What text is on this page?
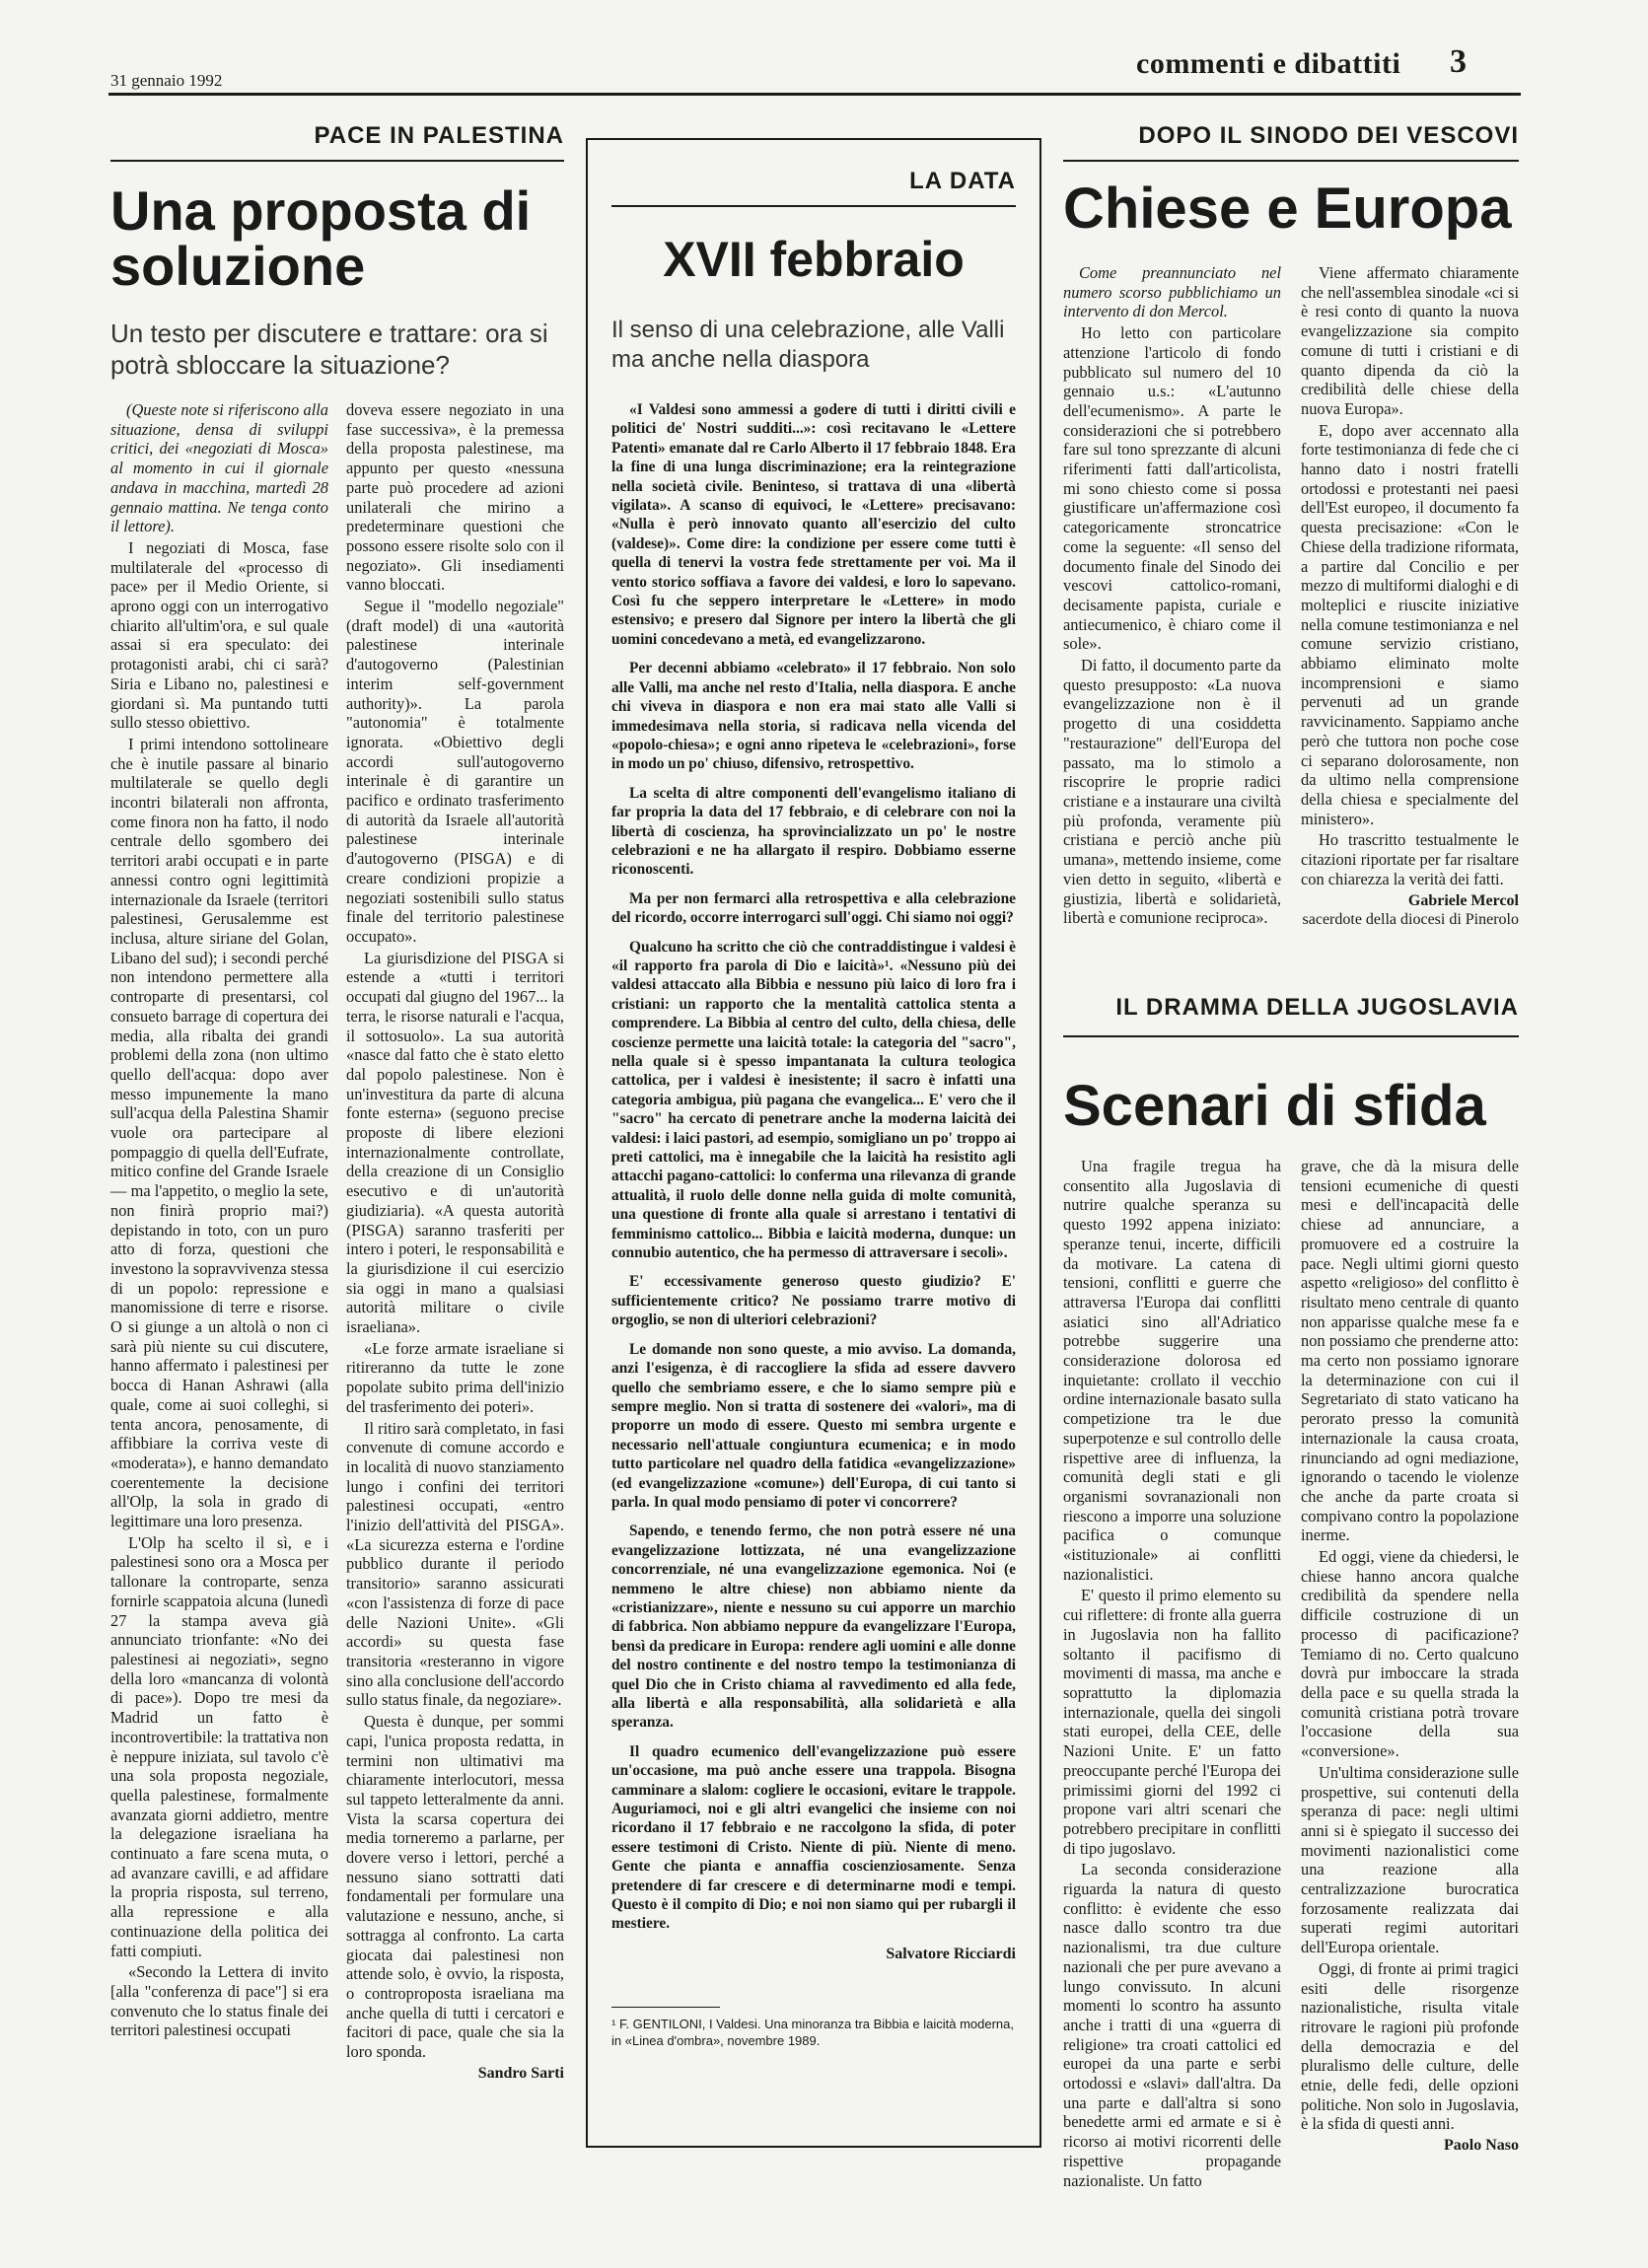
31 gennaio 1992
commenti e dibattiti 3
PACE IN PALESTINA
Una proposta di soluzione
Un testo per discutere e trattare: ora si potrà sbloccare la situazione?

(Queste note si riferiscono alla situazione, densa di sviluppi critici, dei «negoziati di Mosca» al momento in cui il giornale andava in macchina, martedì 28 gennaio mattina. Ne tenga conto il lettore).

I negoziati di Mosca, fase multilaterale del «processo di pace» per il Medio Oriente, si aprono oggi con un interrogativo chiarito all'ultim'ora, e sul quale assai si era speculato: dei protagonisti arabi, chi ci sarà? Siria e Libano no, palestinesi e giordani sì. Ma puntando tutti sullo stesso obiettivo.

I primi intendono sottolineare che è inutile passare al binario multilaterale se quello degli incontri bilaterali non affronta, come finora non ha fatto, il nodo centrale dello sgombero dei territori arabi occupati e in parte annessi contro ogni legittimità internazionale da Israele (territori palestinesi, Gerusalemme est inclusa, alture siriane del Golan, Libano del sud); i secondi perché non intendono permettere alla controparte di presentarsi, col consueto barrage di copertura dei media, alla ribalta dei grandi problemi della zona (non ultimo quello dell'acqua: dopo aver messo impunemente la mano sull'acqua della Palestina Shamir vuole ora partecipare al pompaggio di quella dell'Eufrate, mitico confine del Grande Israele — ma l'appetito, o meglio la sete, non finirà proprio mai?) depistando in toto, con un puro atto di forza, questioni che investono la sopravvivenza stessa di un popolo: repressione e manomissione di terre e risorse. O si giunge a un altolà o non ci sarà più niente su cui discutere, hanno affermato i palestinesi per bocca di Hanan Ashrawi (alla quale, come ai suoi colleghi, si tenta ancora, penosamente, di affibbiare la corriva veste di «moderata»), e hanno demandato coerentemente la decisione all'Olp, la sola in grado di legittimare una loro presenza.

L'Olp ha scelto il sì, e i palestinesi sono ora a Mosca per tallonare la controparte, senza fornirle scappatoia alcuna (lunedì 27 la stampa aveva già annunciato trionfante: «No dei palestinesi ai negoziati», segno della loro «mancanza di volontà di pace»). Dopo tre mesi da Madrid un fatto è incontrovertibile: la trattativa non è neppure iniziata, sul tavolo c'è una sola proposta negoziale, quella palestinese, formalmente avanzata giorni addietro, mentre la delegazione israeliana ha continuato a fare scena muta, o ad avanzare cavilli, e ad affidare la propria risposta, sul terreno, alla repressione e alla continuazione della politica dei fatti compiuti.

«Secondo la Lettera di invito [alla "conferenza di pace"] si era convenuto che lo status finale dei territori palestinesi occupati

doveva essere negoziato in una fase successiva», è la premessa della proposta palestinese, ma appunto per questo «nessuna parte può procedere ad azioni unilaterali che mirino a predeterminare questioni che possono essere risolte solo con il negoziato». Gli insediamenti vanno bloccati.

Segue il "modello negoziale" (draft model) di una «autorità palestinese interinale d'autogoverno (Palestinian interim self-government authority)». La parola "autonomia" è totalmente ignorata. «Obiettivo degli accordi sull'autogoverno interinale è di garantire un pacifico e ordinato trasferimento di autorità da Israele all'autorità palestinese interinale d'autogoverno (PISGA) e di creare condizioni propizie a negoziati sostenibili sullo status finale del territorio palestinese occupato».

La giurisdizione del PISGA si estende a «tutti i territori occupati dal giugno del 1967... la terra, le risorse naturali e l'acqua, il sottosuolo». La sua autorità «nasce dal fatto che è stato eletto dal popolo palestinese. Non è un'investitura da parte di alcuna fonte esterna» (seguono precise proposte di libere elezioni internazionalmente controllate, della creazione di un Consiglio esecutivo e di un'autorità giudiziaria). «A questa autorità (PISGA) saranno trasferiti per intero i poteri, le responsabilità e la giurisdizione il cui esercizio sia oggi in mano a qualsiasi autorità militare o civile israeliana».

«Le forze armate israeliane si ritireranno da tutte le zone popolate subito prima dell'inizio del trasferimento dei poteri».

Il ritiro sarà completato, in fasi convenute di comune accordo e in località di nuovo stanziamento lungo i confini dei territori palestinesi occupati, «entro l'inizio dell'attività del PISGA». «La sicurezza esterna e l'ordine pubblico durante il periodo transitorio» saranno assicurati «con l'assistenza di forze di pace delle Nazioni Unite». «Gli accordi» su questa fase transitoria «resteranno in vigore sino alla conclusione dell'accordo sullo status finale, da negoziare».

Questa è dunque, per sommi capi, l'unica proposta redatta, in termini non ultimativi ma chiaramente interlocutori, messa sul tappeto letteralmente da anni. Vista la scarsa copertura dei media torneremo a parlarne, per dovere verso i lettori, perché a nessuno siano sottratti dati fondamentali per formulare una valutazione e nessuno, anche, si sottragga al confronto. La carta giocata dai palestinesi non attende solo, è ovvio, la risposta, o controproposta israeliana ma anche quella di tutti i cercatori e facitori di pace, quale che sia la loro sponda.

Sandro Sarti
LA DATA
XVII febbraio
Il senso di una celebrazione, alle Valli ma anche nella diaspora

«I Valdesi sono ammessi a godere di tutti i diritti civili e politici de' Nostri sudditi...»: così recitavano le «Lettere Patenti» emanate dal re Carlo Alberto il 17 febbraio 1848. Era la fine di una lunga discriminazione; era la reintegrazione nella società civile. Beninteso, si trattava di una «libertà vigilata». A scanso di equivoci, le «Lettere» precisavano: «Nulla è però innovato quanto all'esercizio del culto (valdese)». Come dire: la condizione per essere come tutti è quella di tenervi la vostra fede strettamente per voi. Ma il vento storico soffiava a favore dei valdesi, e loro lo sapevano. Così fu che seppero interpretare le «Lettere» in modo estensivo; e presero dal Signore per intero la libertà che gli uomini concedevano a metà, ed evangelizzarono.

Per decenni abbiamo «celebrato» il 17 febbraio. Non solo alle Valli, ma anche nel resto d'Italia, nella diaspora. E anche chi viveva in diaspora e non era mai stato alle Valli si immedesimava nella storia, si radicava nella vicenda del «popolo-chiesa»; e ogni anno ripeteva le «celebrazioni», forse in modo un po' chiuso, difensivo, retrospettivo.

La scelta di altre componenti dell'evangelismo italiano di far propria la data del 17 febbraio, e di celebrare con noi la libertà di coscienza, ha sprovincializzato un po' le nostre celebrazioni e ne ha allargato il respiro. Dobbiamo esserne riconoscenti.

Ma per non fermarci alla retrospettiva e alla celebrazione del ricordo, occorre interrogarci sull'oggi. Chi siamo noi oggi?

Qualcuno ha scritto che ciò che contraddistingue i valdesi è «il rapporto fra parola di Dio e laicità»¹. «Nessuno più dei valdesi attaccato alla Bibbia e nessuno più laico di loro fra i cristiani: un rapporto che la mentalità cattolica stenta a comprendere. La Bibbia al centro del culto, della chiesa, delle coscienze permette una laicità totale: la categoria del "sacro", nella quale si è spesso impantanata la cultura teologica cattolica, per i valdesi è inesistente; il sacro è infatti una categoria ambigua, più pagana che evangelica... E' vero che il "sacro" ha cercato di penetrare anche la moderna laicità dei valdesi: i laici pastori, ad esempio, somigliano un po' troppo ai preti cattolici, ma è innegabile che la laicità ha resistito agli attacchi pagano-cattolici: lo conferma una rilevanza di grande attualità, il ruolo delle donne nella guida di molte comunità, una questione di fronte alla quale si arrestano i tentativi di femminismo cattolico... Bibbia e laicità moderna, dunque: un connubio autentico, che ha permesso di attraversare i secoli».

E' eccessivamente generoso questo giudizio? E' sufficientemente critico? Ne possiamo trarre motivo di orgoglio, se non di ulteriori celebrazioni?

Le domande non sono queste, a mio avviso. La domanda, anzi l'esigenza, è di raccogliere la sfida ad essere davvero quello che sembriamo essere, e che lo siamo sempre più e sempre meglio. Non si tratta di sostenere dei «valori», ma di proporre un modo di essere. Questo mi sembra urgente e necessario nell'attuale congiuntura ecumenica; e in modo tutto particolare nel quadro della fatidica «evangelizzazione» (ed evangelizzazione «comune») dell'Europa, di cui tanto si parla. In qual modo pensiamo di poter vi concorrere?

Sapendo, e tenendo fermo, che non potrà essere né una evangelizzazione lottizzata, né una evangelizzazione concorrenziale, né una evangelizzazione egemonica. Noi (e nemmeno le altre chiese) non abbiamo niente da «cristianizzare», niente e nessuno su cui apporre un marchio di fabbrica. Non abbiamo neppure da evangelizzare l'Europa, bensì da predicare in Europa: rendere agli uomini e alle donne del nostro continente e del nostro tempo la testimonianza di quel Dio che in Cristo chiama al ravvedimento ed alla fede, alla libertà e alla responsabilità, alla solidarietà e alla speranza.

Il quadro ecumenico dell'evangelizzazione può essere un'occasione, ma può anche essere una trappola. Bisogna camminare a slalom: cogliere le occasioni, evitare le trappole. Auguriamoci, noi e gli altri evangelici che insieme con noi ricordano il 17 febbraio e ne raccolgono la sfida, di poter essere testimoni di Cristo. Niente di più. Niente di meno. Gente che pianta e annaffia coscienziosamente. Senza pretendere di far crescere e di determinarne modi e tempi. Questo è il compito di Dio; e noi non siamo qui per rubargli il mestiere.

Salvatore Ricciardi
¹ F. GENTILONI, I Valdesi. Una minoranza tra Bibbia e laicità moderna, in «Linea d'ombra», novembre 1989.
DOPO IL SINODO DEI VESCOVI
Chiese e Europa

Come preannunciato nel numero scorso pubblichiamo un intervento di don Mercol.

Ho letto con particolare attenzione l'articolo di fondo pubblicato sul numero del 10 gennaio u.s.: «L'autunno dell'ecumenismo». A parte le considerazioni che si potrebbero fare sul tono sprezzante di alcuni riferimenti fatti dall'articolista, mi sono chiesto come si possa giustificare un'affermazione così categoricamente stroncatrice come la seguente: «Il senso del documento finale del Sinodo dei vescovi cattolico-romani, decisamente papista, curiale e antiecumenico, è chiaro come il sole».

Di fatto, il documento parte da questo presupposto: «La nuova evangelizzazione non è il progetto di una cosiddetta "restaurazione" dell'Europa del passato, ma lo stimolo a riscoprire le proprie radici cristiane e a instaurare una civiltà più profonda, veramente più cristiana e perciò anche più umana», mettendo insieme, come vien detto in seguito, «libertà e giustizia, libertà e solidarietà, libertà e comunione reciproca».

Viene affermato chiaramente che nell'assemblea sinodale «ci si è resi conto di quanto la nuova evangelizzazione sia compito comune di tutti i cristiani e di quanto dipenda da ciò la credibilità delle chiese della nuova Europa».

E, dopo aver accennato alla forte testimonianza di fede che ci hanno dato i nostri fratelli ortodossi e protestanti nei paesi dell'Est europeo, il documento fa questa precisazione: «Con le Chiese della tradizione riformata, a partire dal Concilio e per mezzo di multiformi dialoghi e di molteplici e riuscite iniziative nella comune testimonianza e nel comune servizio cristiano, abbiamo eliminato molte incomprensioni e siamo pervenuti ad un grande ravvicinamento. Sappiamo anche però che tuttora non poche cose ci separano dolorosamente, non da ultimo nella comprensione della chiesa e specialmente del ministero».

Ho trascritto testualmente le citazioni riportate per far risaltare con chiarezza la verità dei fatti.

Gabriele Mercol
sacerdote della diocesi di Pinerolo
IL DRAMMA DELLA JUGOSLAVIA
Scenari di sfida

Una fragile tregua ha consentito alla Jugoslavia di nutrire qualche speranza su questo 1992 appena iniziato: speranze tenui, incerte, difficili da motivare. La catena di tensioni, conflitti e guerre che attraversa l'Europa dai conflitti asiatici sino all'Adriatico potrebbe suggerire una considerazione dolorosa ed inquietante: crollato il vecchio ordine internazionale basato sulla competizione tra le due superpotenze e sul controllo delle rispettive aree di influenza, la comunità degli stati e gli organismi sovranazionali non riescono a imporre una soluzione pacifica o comunque «istituzionale» ai conflitti nazionalistici.

E' questo il primo elemento su cui riflettere: di fronte alla guerra in Jugoslavia non ha fallito soltanto il pacifismo di movimenti di massa, ma anche e soprattutto la diplomazia internazionale, quella dei singoli stati europei, della CEE, delle Nazioni Unite. E' un fatto preoccupante perché l'Europa dei primissimi giorni del 1992 ci propone vari altri scenari che potrebbero precipitare in conflitti di tipo jugoslavo.

La seconda considerazione riguarda la natura di questo conflitto: è evidente che esso nasce dallo scontro tra due nazionalismi, tra due culture nazionali che per pure avevano a lungo convissuto. In alcuni momenti lo scontro ha assunto anche i tratti di una «guerra di religione» tra croati cattolici ed europei da una parte e serbi ortodossi e «slavi» dall'altra. Da una parte e dall'altra si sono benedette armi ed armate e si è ricorso ai motivi ricorrenti delle rispettive propagande nazionaliste. Un fatto

grave, che dà la misura delle tensioni ecumeniche di questi mesi e dell'incapacità delle chiese ad annunciare, a promuovere ed a costruire la pace. Negli ultimi giorni questo aspetto «religioso» del conflitto è risultato meno centrale di quanto non apparisse qualche mese fa e non possiamo che prenderne atto: ma certo non possiamo ignorare la determinazione con cui il Segretariato di stato vaticano ha perorato presso la comunità internazionale la causa croata, rinunciando ad ogni mediazione, ignorando o tacendo le violenze che anche da parte croata si compivano contro la popolazione inerme.

Ed oggi, viene da chiedersi, le chiese hanno ancora qualche credibilità da spendere nella difficile costruzione di un processo di pacificazione? Temiamo di no. Certo qualcuno dovrà pur imboccare la strada della pace e su quella strada la comunità cristiana potrà trovare l'occasione della sua «conversione».

Un'ultima considerazione sulle prospettive, sui contenuti della speranza di pace: negli ultimi anni si è spiegato il successo dei movimenti nazionalistici come una reazione alla centralizzazione burocratica forzosamente realizzata dai superati regimi autoritari dell'Europa orientale.

Oggi, di fronte ai primi tragici esiti delle risorgenze nazionalistiche, risulta vitale ritrovare le ragioni più profonde della democrazia e del pluralismo delle culture, delle etnie, delle fedi, delle opzioni politiche. Non solo in Jugoslavia, è la sfida di questi anni.

Paolo Naso
